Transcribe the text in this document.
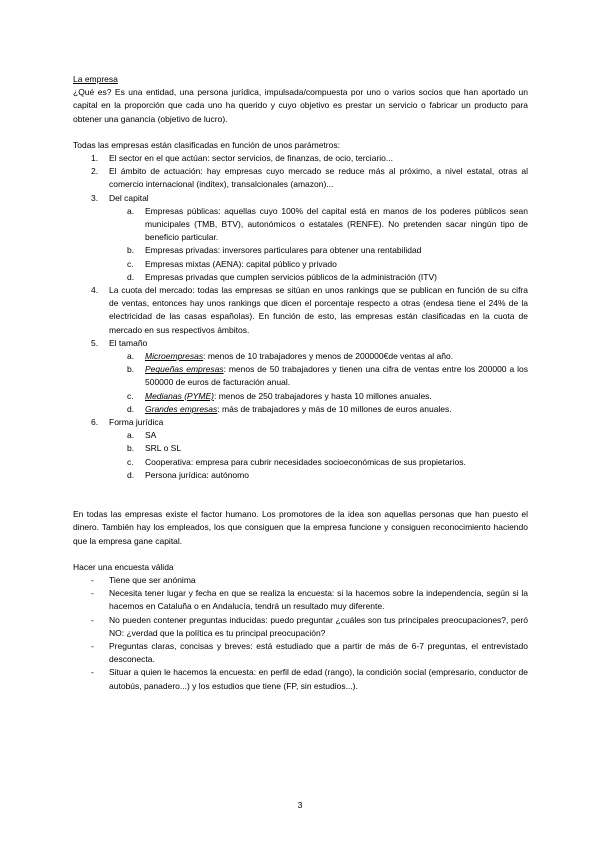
La empresa

¿Qué es? Es una entidad, una persona jurídica, impulsada/compuesta por uno o varios socios que han aportado un capital en la proporción que cada uno ha querido y cuyo objetivo es prestar un servicio o fabricar un producto para obtener una ganancia (objetivo de lucro).

Todas las empresas están clasificadas en función de unos parámetros:

1. El sector en el que actúan: sector servicios, de finanzas, de ocio, terciario...
2. El ámbito de actuación: hay empresas cuyo mercado se reduce más al próximo, a nivel estatal, otras al comercio internacional (inditex), transalcionales (amazon)...
3. Del capital
a. Empresas públicas: aquellas cuyo 100% del capital está en manos de los poderes públicos sean municipales (TMB, BTV), autonómicos o estatales (RENFE). No pretenden sacar ningún tipo de beneficio particular.
b. Empresas privadas: inversores particulares para obtener una rentabilidad
c. Empresas mixtas (AENA): capital público y privado
d. Empresas privadas que cumplen servicios públicos de la administración (ITV)
4. La cuota del mercado: todas las empresas se sitúan en unos rankings que se publican en función de su cifra de ventas, entonces hay unos rankings que dicen el porcentaje respecto a otras (endesa tiene el 24% de la electricidad de las casas españolas). En función de esto, las empresas están clasificadas en la cuota de mercado en sus respectivos ámbitos.
5. El tamaño
a. Microempresas: menos de 10 trabajadores y menos de 200000€de ventas al año.
b. Pequeñas empresas: menos de 50 trabajadores y tienen una cifra de ventas entre los 200000 a los 500000 de euros de facturación anual.
c. Medianas (PYME): menos de 250 trabajadores y hasta 10 millones anuales.
d. Grandes empresas: más de trabajadores y más de 10 millones de euros anuales.
6. Forma jurídica
a. SA
b. SRL o SL
c. Cooperativa: empresa para cubrir necesidades socioeconómicas de sus propietarios.
d. Persona jurídica: autónomo

En todas las empresas existe el factor humano. Los promotores de la idea son aquellas personas que han puesto el dinero. También hay los empleados, los que consiguen que la empresa funcione y consiguen reconocimiento haciendo que la empresa gane capital.

Hacer una encuesta válida

- Tiene que ser anónima
- Necesita tener lugar y fecha en que se realiza la encuesta: si la hacemos sobre la independencia, según si la hacemos en Cataluña o en Andalucía, tendrá un resultado muy diferente.
- No pueden contener preguntas inducidas: puedo preguntar ¿cuáles son tus principales preocupaciones?, peró NO: ¿verdad que la política es tu principal preocupación?
- Preguntas claras, concisas y breves: está estudiado que a partir de más de 6-7 preguntas, el entrevistado desconecta.
- Situar a quien le hacemos la encuesta: en perfil de edad (rango), la condición social (empresario, conductor de autobús, panadero...) y los estudios que tiene (FP, sin estudios...).
3
